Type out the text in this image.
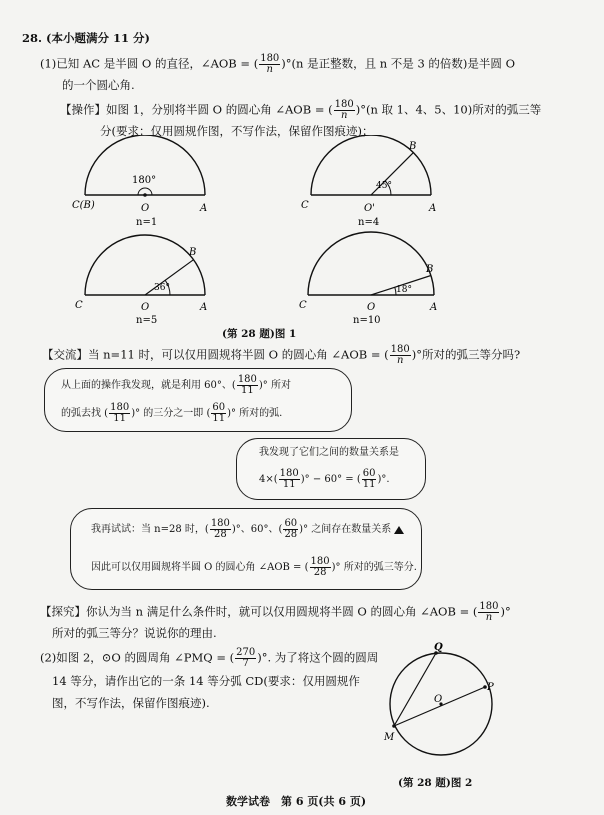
28. (本小题满分 11 分)
(1)已知 AC 是半圆 O 的直径，∠AOB = ( $\frac{180}{n} )^\circ(n$ 是正整数，且 n 不是 3 的倍数)是半圆 O
的一个圆心角.
【操作】如图 1，分别将半圆 O 的圆心角 ∠AOB = ( $\frac{180}{n} )^\circ(n$ 取 1、4、5、10)所对的弧三等
分(要求：仅用圆规作图，不写作法，保留作图痕迹)；
180°
C(B)	O	A
n=1
45°
B
C	O'	A
n=4
36°
B
C	O	A
n=5
18°
B
C	O	A
n=10
(第 28 题)图 1
【交流】当 n=11 时，可以仅用圆规将半圆 O 的圆心角 ∠AOB = ( $\frac{180}{n}$ )°所对的弧三等分吗?
从上面的操作我发现，就是利用 60°、( $\frac{180}{11}$ )° 所对
的弧去找 ( $\frac{180}{11}$ )° 的三分之一即 ( $\frac{60}{11}$ )° 所对的弧.
我发现了它们之间的数量关系是
$4\times( \frac{180}{11}$ )° − 60° = ( $\frac{60}{11}$ )°.
我再试试：当 n=28 时，( $\frac{180}{28}$ )°、60°、( $\frac{60}{28}$ )° 之间存在数量关系
因此可以仅用圆规将半圆 O 的圆心角 ∠AOB = ( $\frac{180}{28}$ )° 所对的弧三等分.
【探究】你认为当 n 满足什么条件时，就可以仅用圆规将半圆 O 的圆心角 ∠AOB = ( $\frac{180}{n}$ )°
所对的弧三等分？说说你的理由.
(2)如图 2，⊙O 的圆周角 ∠PMQ = ( $\frac{270}{7}$ )°. 为了将这个圆的圆周
14 等分，请作出它的一条 14 等分弧 CD(要求：仅用圆规作
图，不写作法，保留作图痕迹).
Q
P
M
O
(第 28 题)图 2
数学试卷　第 6 页(共 6 页)
